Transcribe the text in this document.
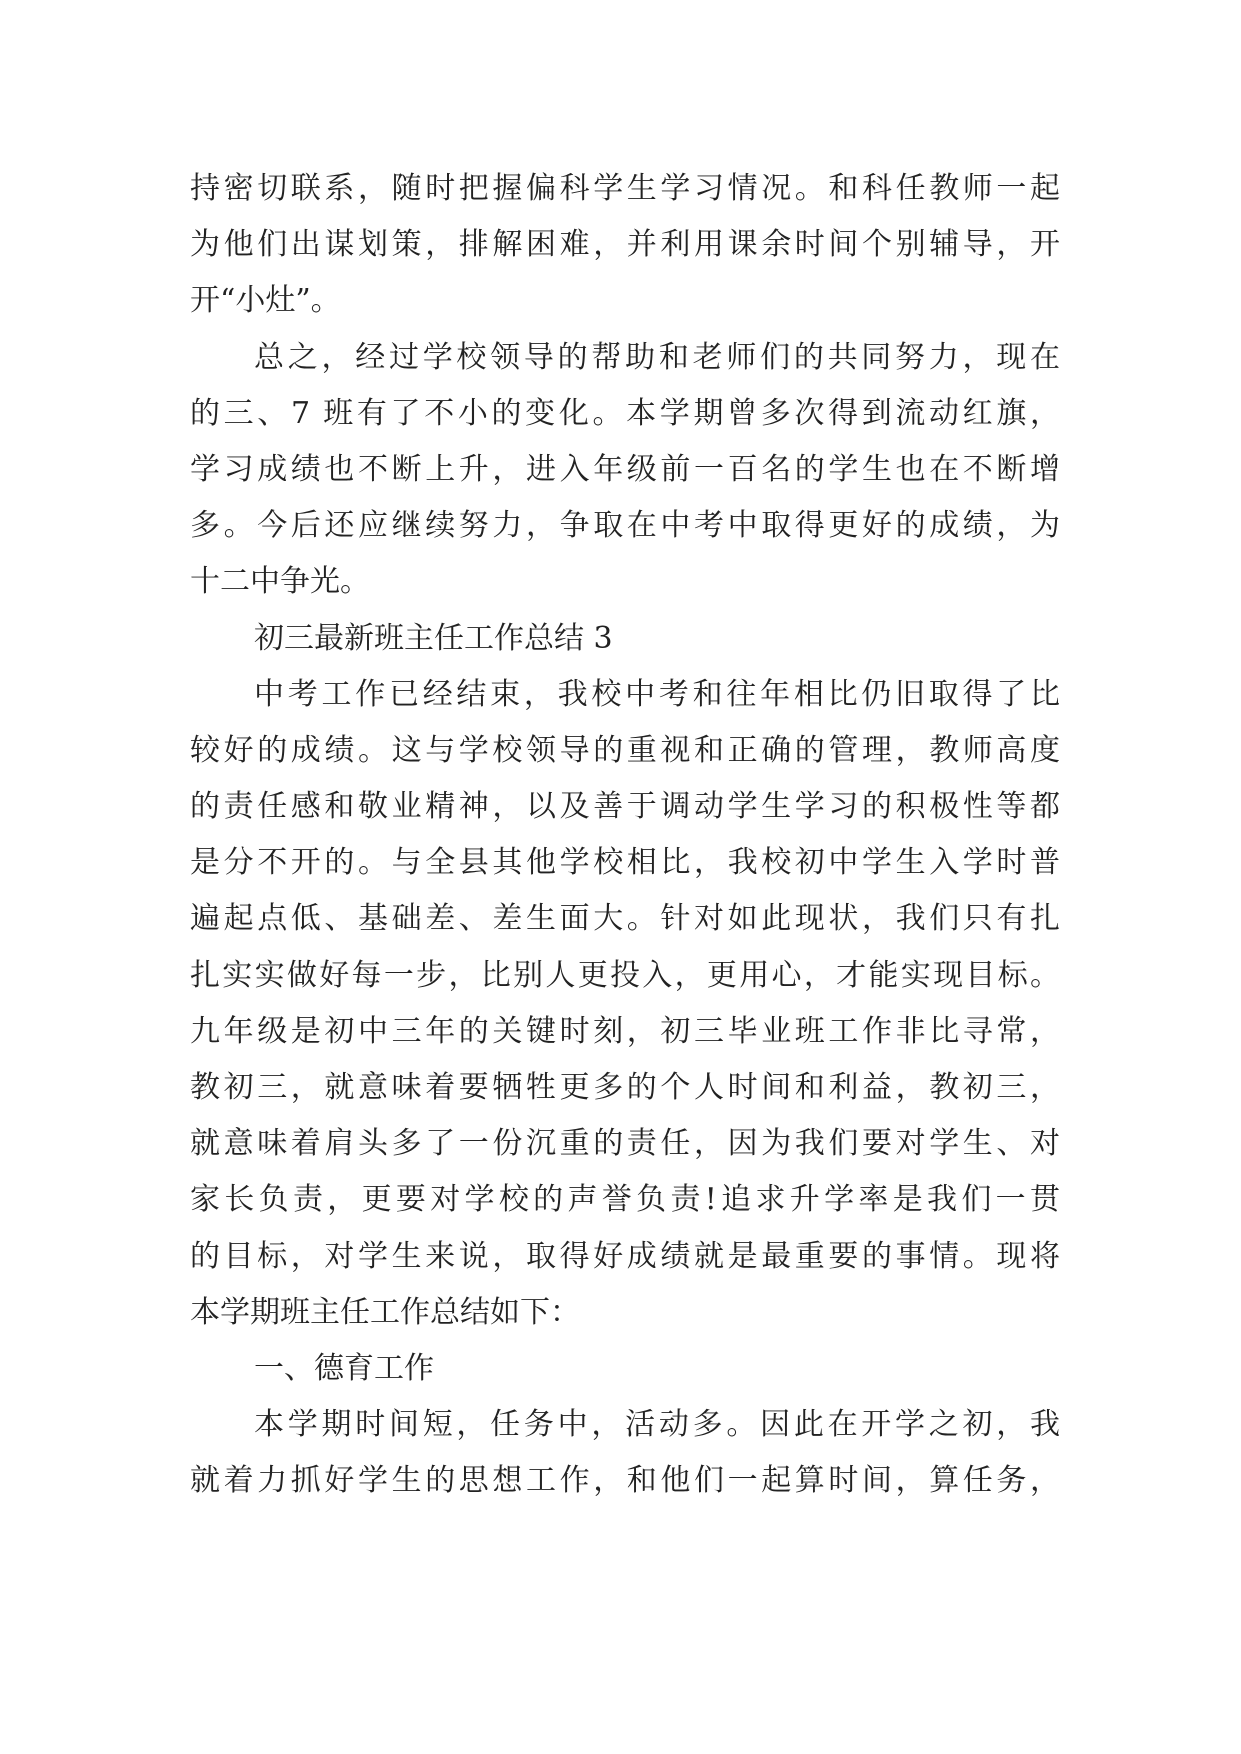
持密切联系，随时把握偏科学生学习情况。和科任教师一起
为他们出谋划策，排解困难，并利用课余时间个别辅导，开
开“小灶”。
总之，经过学校领导的帮助和老师们的共同努力，现在
的三、7 班有了不小的变化。本学期曾多次得到流动红旗，
学习成绩也不断上升，进入年级前一百名的学生也在不断增
多。今后还应继续努力，争取在中考中取得更好的成绩，为
十二中争光。
初三最新班主任工作总结 3
中考工作已经结束，我校中考和往年相比仍旧取得了比
较好的成绩。这与学校领导的重视和正确的管理，教师高度
的责任感和敬业精神，以及善于调动学生学习的积极性等都
是分不开的。与全县其他学校相比，我校初中学生入学时普
遍起点低、基础差、差生面大。针对如此现状，我们只有扎
扎实实做好每一步，比别人更投入，更用心，才能实现目标。
九年级是初中三年的关键时刻，初三毕业班工作非比寻常，
教初三，就意味着要牺牲更多的个人时间和利益，教初三，
就意味着肩头多了一份沉重的责任，因为我们要对学生、对
家长负责，更要对学校的声誉负责!追求升学率是我们一贯
的目标，对学生来说，取得好成绩就是最重要的事情。现将
本学期班主任工作总结如下：
一、德育工作
本学期时间短，任务中，活动多。因此在开学之初，我
就着力抓好学生的思想工作，和他们一起算时间，算任务，
